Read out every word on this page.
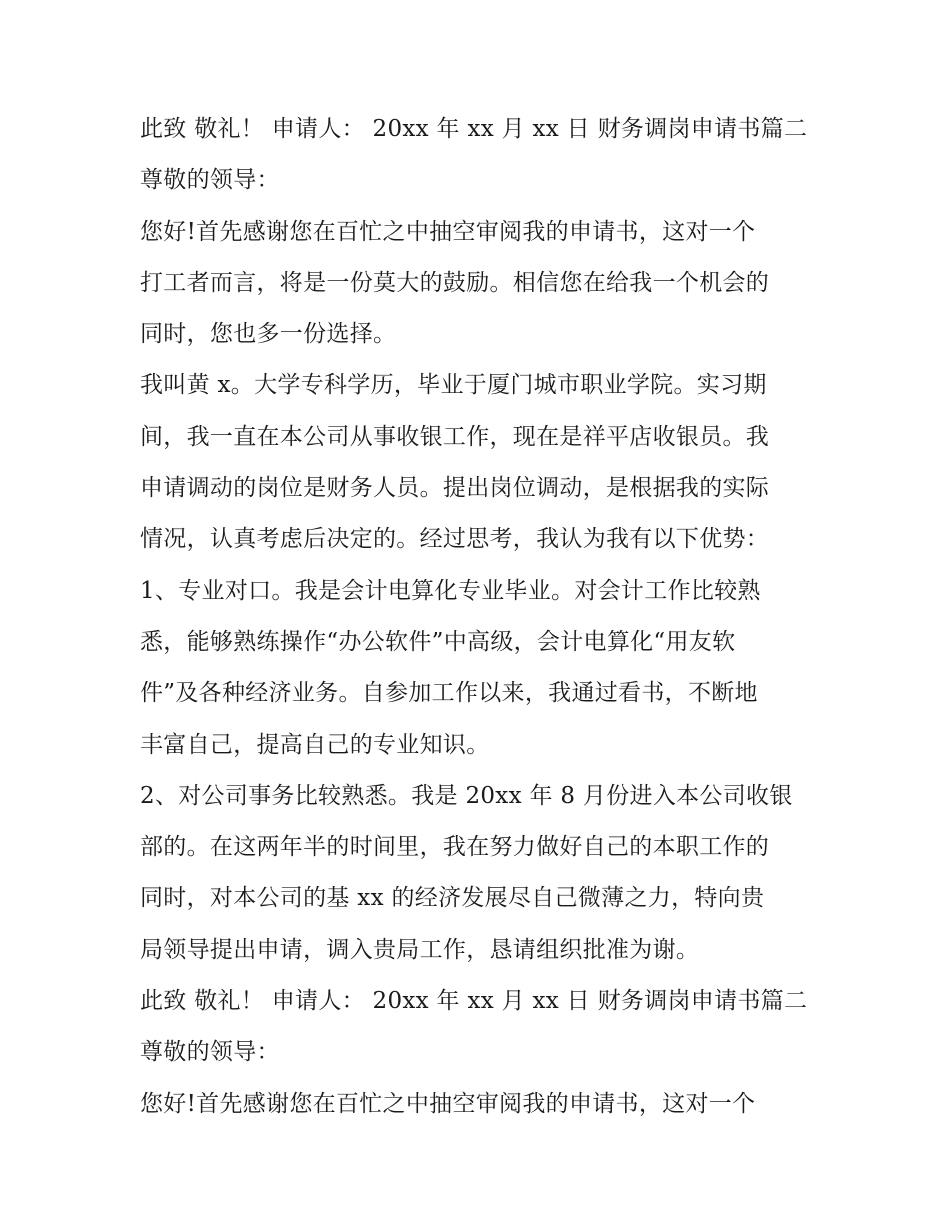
此致 敬礼！ 申请人： 20xx 年 xx 月 xx 日 财务调岗申请书篇二
尊敬的领导：
您好!首先感谢您在百忙之中抽空审阅我的申请书，这对一个
打工者而言，将是一份莫大的鼓励。相信您在给我一个机会的
同时，您也多一份选择。
我叫黄 x。大学专科学历，毕业于厦门城市职业学院。实习期
间，我一直在本公司从事收银工作，现在是祥平店收银员。我
申请调动的岗位是财务人员。提出岗位调动，是根据我的实际
情况，认真考虑后决定的。经过思考，我认为我有以下优势：
1、专业对口。我是会计电算化专业毕业。对会计工作比较熟
悉，能够熟练操作“办公软件”中高级，会计电算化“用友软
件”及各种经济业务。自参加工作以来，我通过看书，不断地
丰富自己，提高自己的专业知识。
2、对公司事务比较熟悉。我是 20xx 年 8 月份进入本公司收银
部的。在这两年半的时间里，我在努力做好自己的本职工作的
同时，对本公司的基 xx 的经济发展尽自己微薄之力，特向贵
局领导提出申请，调入贵局工作，恳请组织批准为谢。
此致 敬礼！ 申请人： 20xx 年 xx 月 xx 日 财务调岗申请书篇二
尊敬的领导：
您好!首先感谢您在百忙之中抽空审阅我的申请书，这对一个
